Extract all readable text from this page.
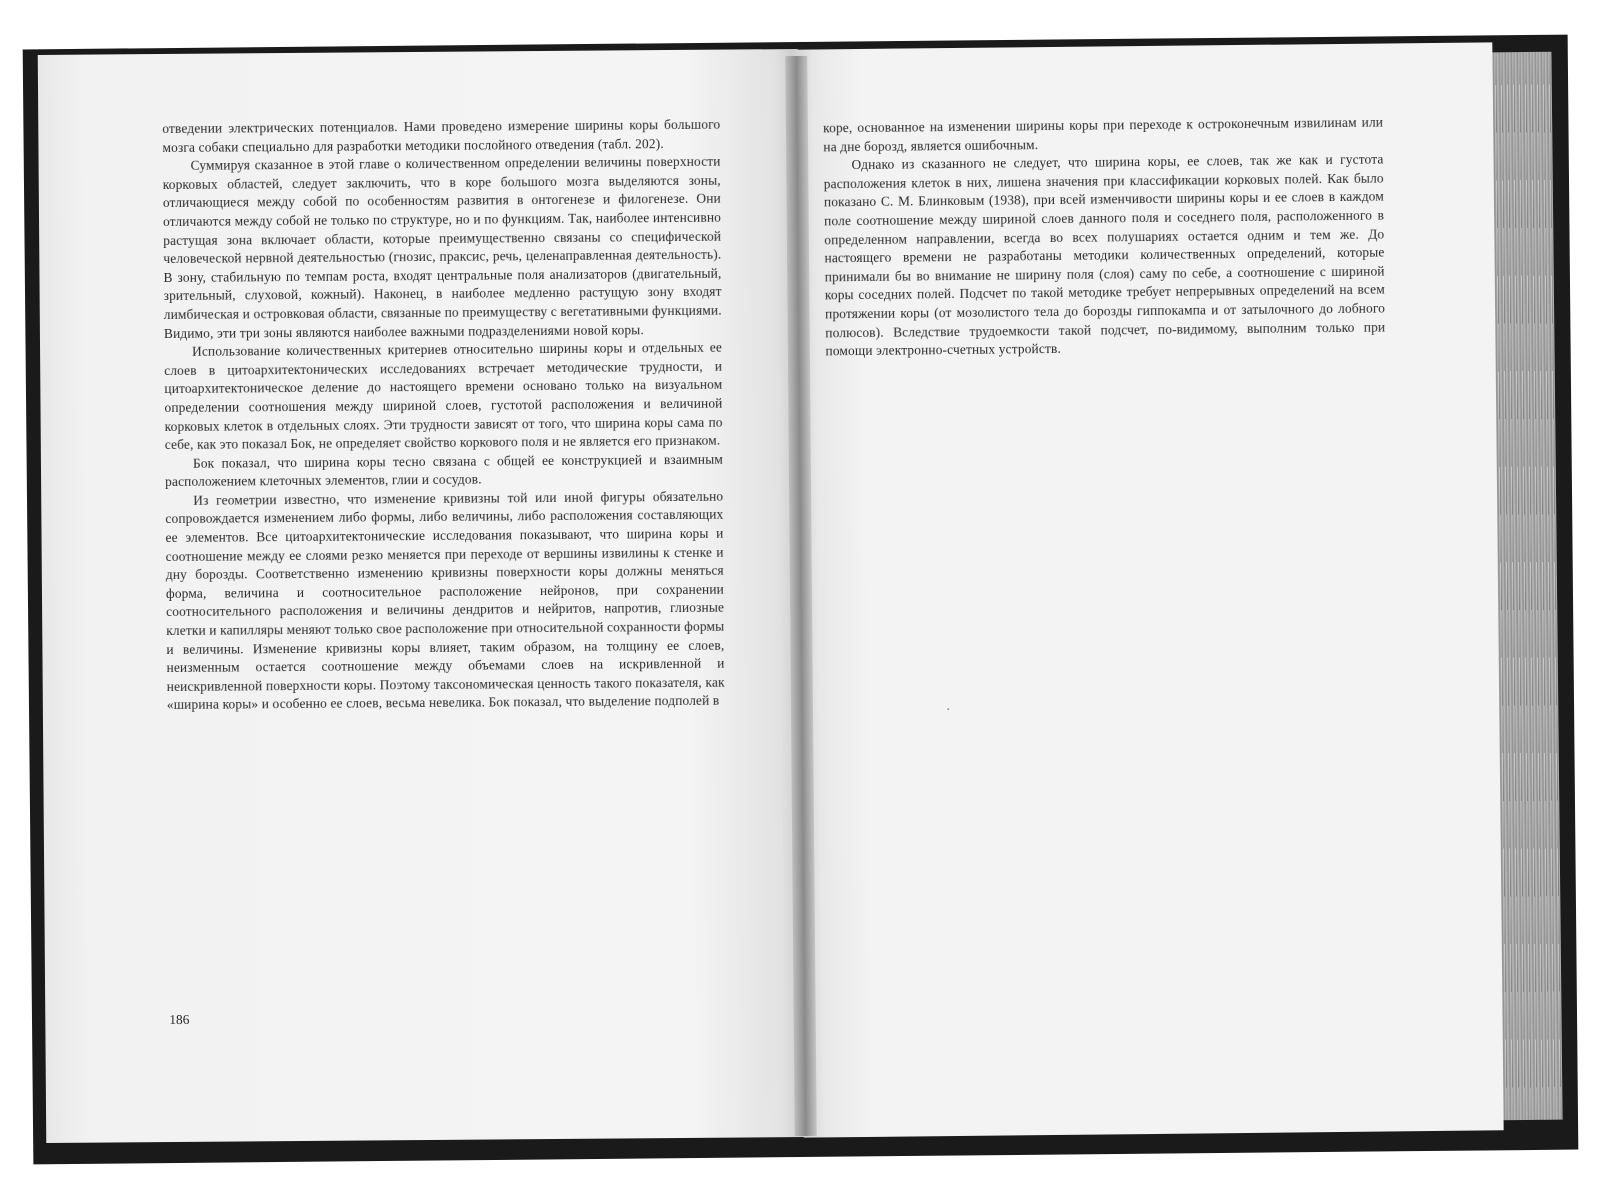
отведении электрических потенциалов. Нами проведено измерение ширины коры большого мозга собаки специально для разработки методики послойного отведения (табл. 202).

Суммируя сказанное в этой главе о количественном определении величины поверхности корковых областей, следует заключить, что в коре большого мозга выделяются зоны, отличающиеся между собой по особенностям развития в онтогенезе и филогенезе. Они отличаются между собой не только по структуре, но и по функциям. Так, наиболее интенсивно растущая зона включает области, которые преимущественно связаны со специфической человеческой нервной деятельностью (гнозис, праксис, речь, целенаправленная деятельность). В зону, стабильную по темпам роста, входят центральные поля анализаторов (двигательный, зрительный, слуховой, кожный). Наконец, в наиболее медленно растущую зону входят лимбическая и островковая области, связанные по преимуществу с вегетативными функциями. Видимо, эти три зоны являются наиболее важными подразделениями новой коры.

Использование количественных критериев относительно ширины коры и отдельных ее слоев в цитоархитектонических исследованиях встречает методические трудности, и цитоархитектоническое деление до настоящего времени основано только на визуальном определении соотношения между шириной слоев, густотой расположения и величиной корковых клеток в отдельных слоях. Эти трудности зависят от того, что ширина коры сама по себе, как это показал Бок, не определяет свойство коркового поля и не является его признаком.

Бок показал, что ширина коры тесно связана с общей ее конструкцией и взаимным расположением клеточных элементов, глии и сосудов.

Из геометрии известно, что изменение кривизны той или иной фигуры обязательно сопровождается изменением либо формы, либо величины, либо расположения составляющих ее элементов. Все цитоархитектонические исследования показывают, что ширина коры и соотношение между ее слоями резко меняется при переходе от вершины извилины к стенке и дну борозды. Соответственно изменению кривизны поверхности коры должны меняться форма, величина и соотносительное расположение нейронов, при сохранении соотносительного расположения и величины дендритов и нейритов, напротив, глиозные клетки и капилляры меняют только свое расположение при относительной сохранности формы и величины. Изменение кривизны коры влияет, таким образом, на толщину ее слоев, неизменным остается соотношение между объемами слоев на искривленной и неискривленной поверхности коры. Поэтому таксономическая ценность такого показателя, как «ширина коры» и особенно ее слоев, весьма невелика. Бок показал, что выделение подполей в

186

коре, основанное на изменении ширины коры при переходе к остроконечным извилинам или на дне борозд, является ошибочным.

Однако из сказанного не следует, что ширина коры, ее слоев, так же как и густота расположения клеток в них, лишена значения при классификации корковых полей. Как было показано С. М. Блинковым (1938), при всей изменчивости ширины коры и ее слоев в каждом поле соотношение между шириной слоев данного поля и соседнего поля, расположенного в определенном направлении, всегда во всех полушариях остается одним и тем же. До настоящего времени не разработаны методики количественных определений, которые принимали бы во внимание не ширину поля (слоя) саму по себе, а соотношение с шириной коры соседних полей. Подсчет по такой методике требует непрерывных определений на всем протяжении коры (от мозолистого тела до борозды гиппокампа и от затылочного до лобного полюсов). Вследствие трудоемкости такой подсчет, по-видимому, выполним только при помощи электронно-счетных устройств.
